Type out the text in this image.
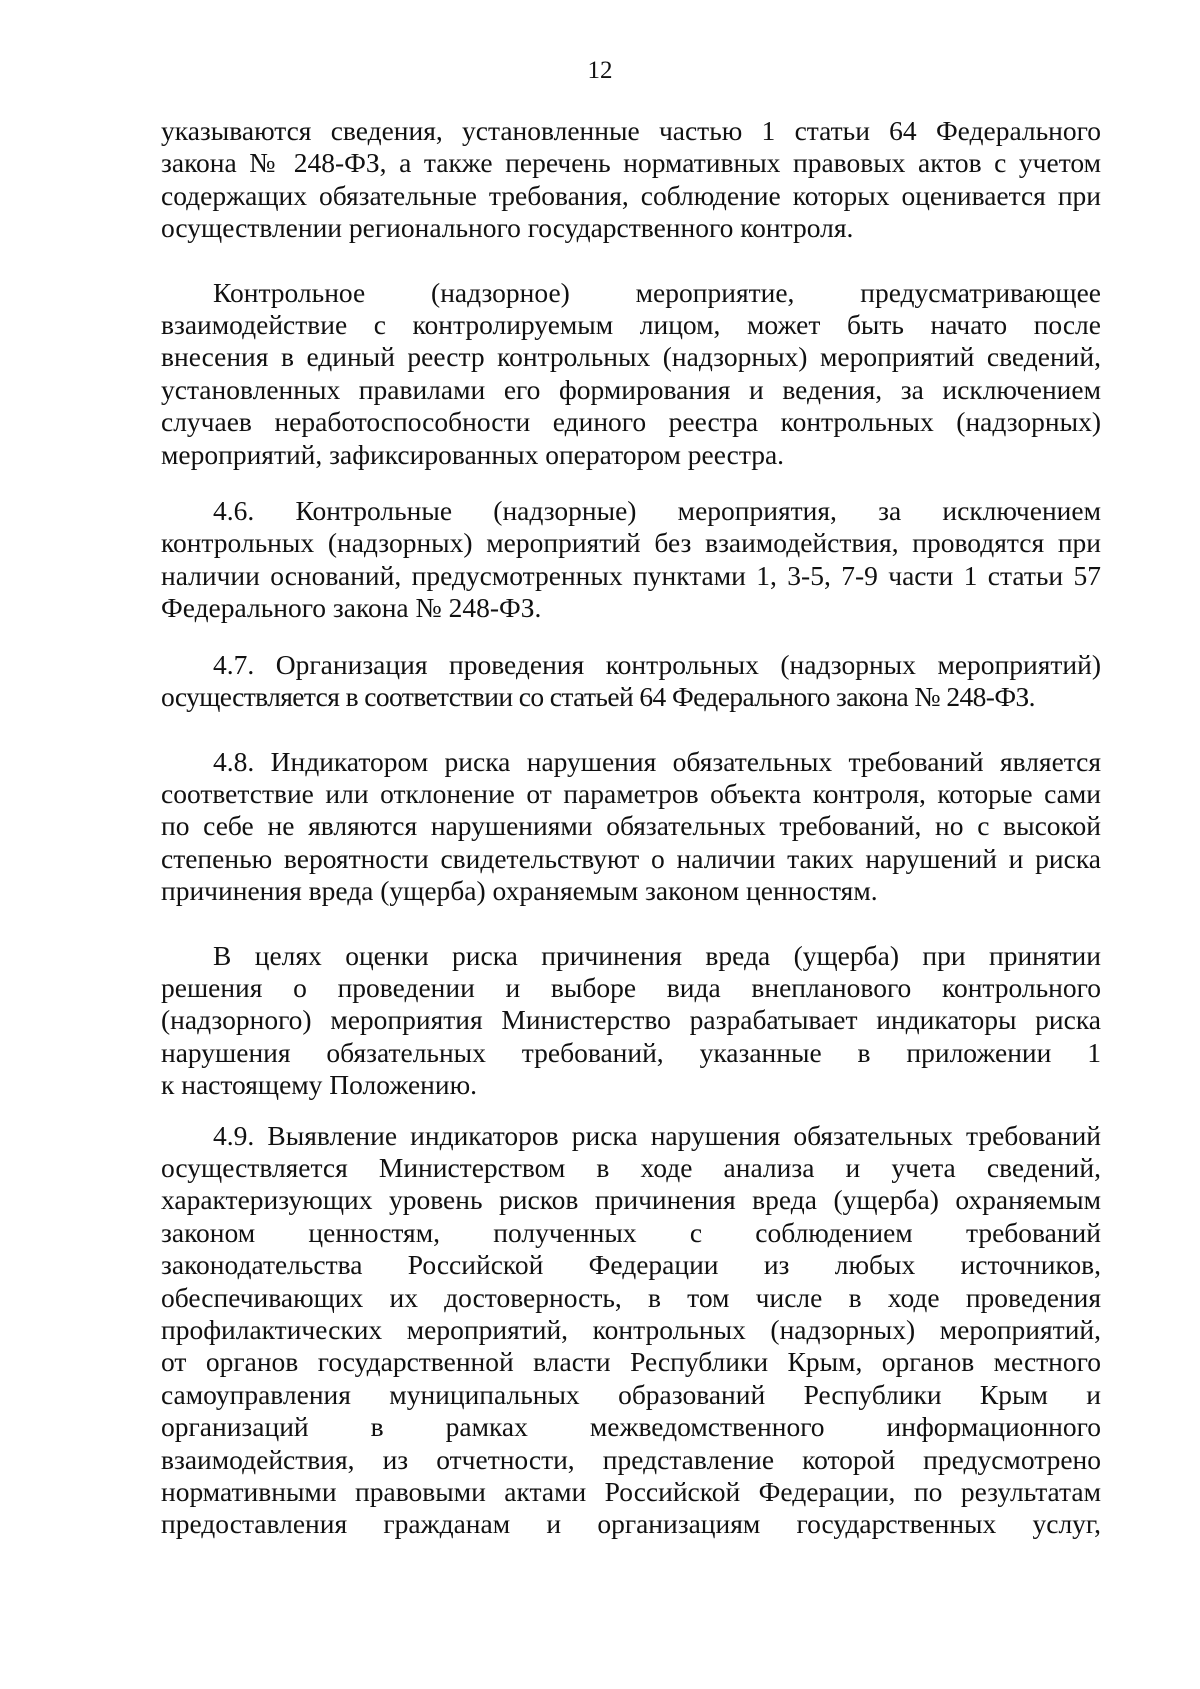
12
указываются сведения, установленные частью 1 статьи 64 Федерального
закона № 248-ФЗ, а также перечень нормативных правовых актов с учетом
содержащих обязательные требования, соблюдение которых оценивается при
осуществлении регионального государственного контроля.
Контрольное (надзорное) мероприятие, предусматривающее
взаимодействие с контролируемым лицом, может быть начато после
внесения в единый реестр контрольных (надзорных) мероприятий сведений,
установленных правилами его формирования и ведения, за исключением
случаев неработоспособности единого реестра контрольных (надзорных)
мероприятий, зафиксированных оператором реестра.
4.6. Контрольные (надзорные) мероприятия, за исключением
контрольных (надзорных) мероприятий без взаимодействия, проводятся при
наличии оснований, предусмотренных пунктами 1, 3-5, 7-9 части 1 статьи 57
Федерального закона № 248-ФЗ.
4.7. Организация проведения контрольных (надзорных мероприятий)
осуществляется в соответствии со статьей 64 Федерального закона № 248-ФЗ.
4.8. Индикатором риска нарушения обязательных требований является
соответствие или отклонение от параметров объекта контроля, которые сами
по себе не являются нарушениями обязательных требований, но с высокой
степенью вероятности свидетельствуют о наличии таких нарушений и риска
причинения вреда (ущерба) охраняемым законом ценностям.
В целях оценки риска причинения вреда (ущерба) при принятии
решения о проведении и выборе вида внепланового контрольного
(надзорного) мероприятия Министерство разрабатывает индикаторы риска
нарушения обязательных требований, указанные в приложении 1
к настоящему Положению.
4.9. Выявление индикаторов риска нарушения обязательных требований
осуществляется Министерством в ходе анализа и учета сведений,
характеризующих уровень рисков причинения вреда (ущерба) охраняемым
законом ценностям, полученных с соблюдением требований
законодательства Российской Федерации из любых источников,
обеспечивающих их достоверность, в том числе в ходе проведения
профилактических мероприятий, контрольных (надзорных) мероприятий,
от органов государственной власти Республики Крым, органов местного
самоуправления муниципальных образований Республики Крым и
организаций в рамках межведомственного информационного
взаимодействия, из отчетности, представление которой предусмотрено
нормативными правовыми актами Российской Федерации, по результатам
предоставления гражданам и организациям государственных услуг,
